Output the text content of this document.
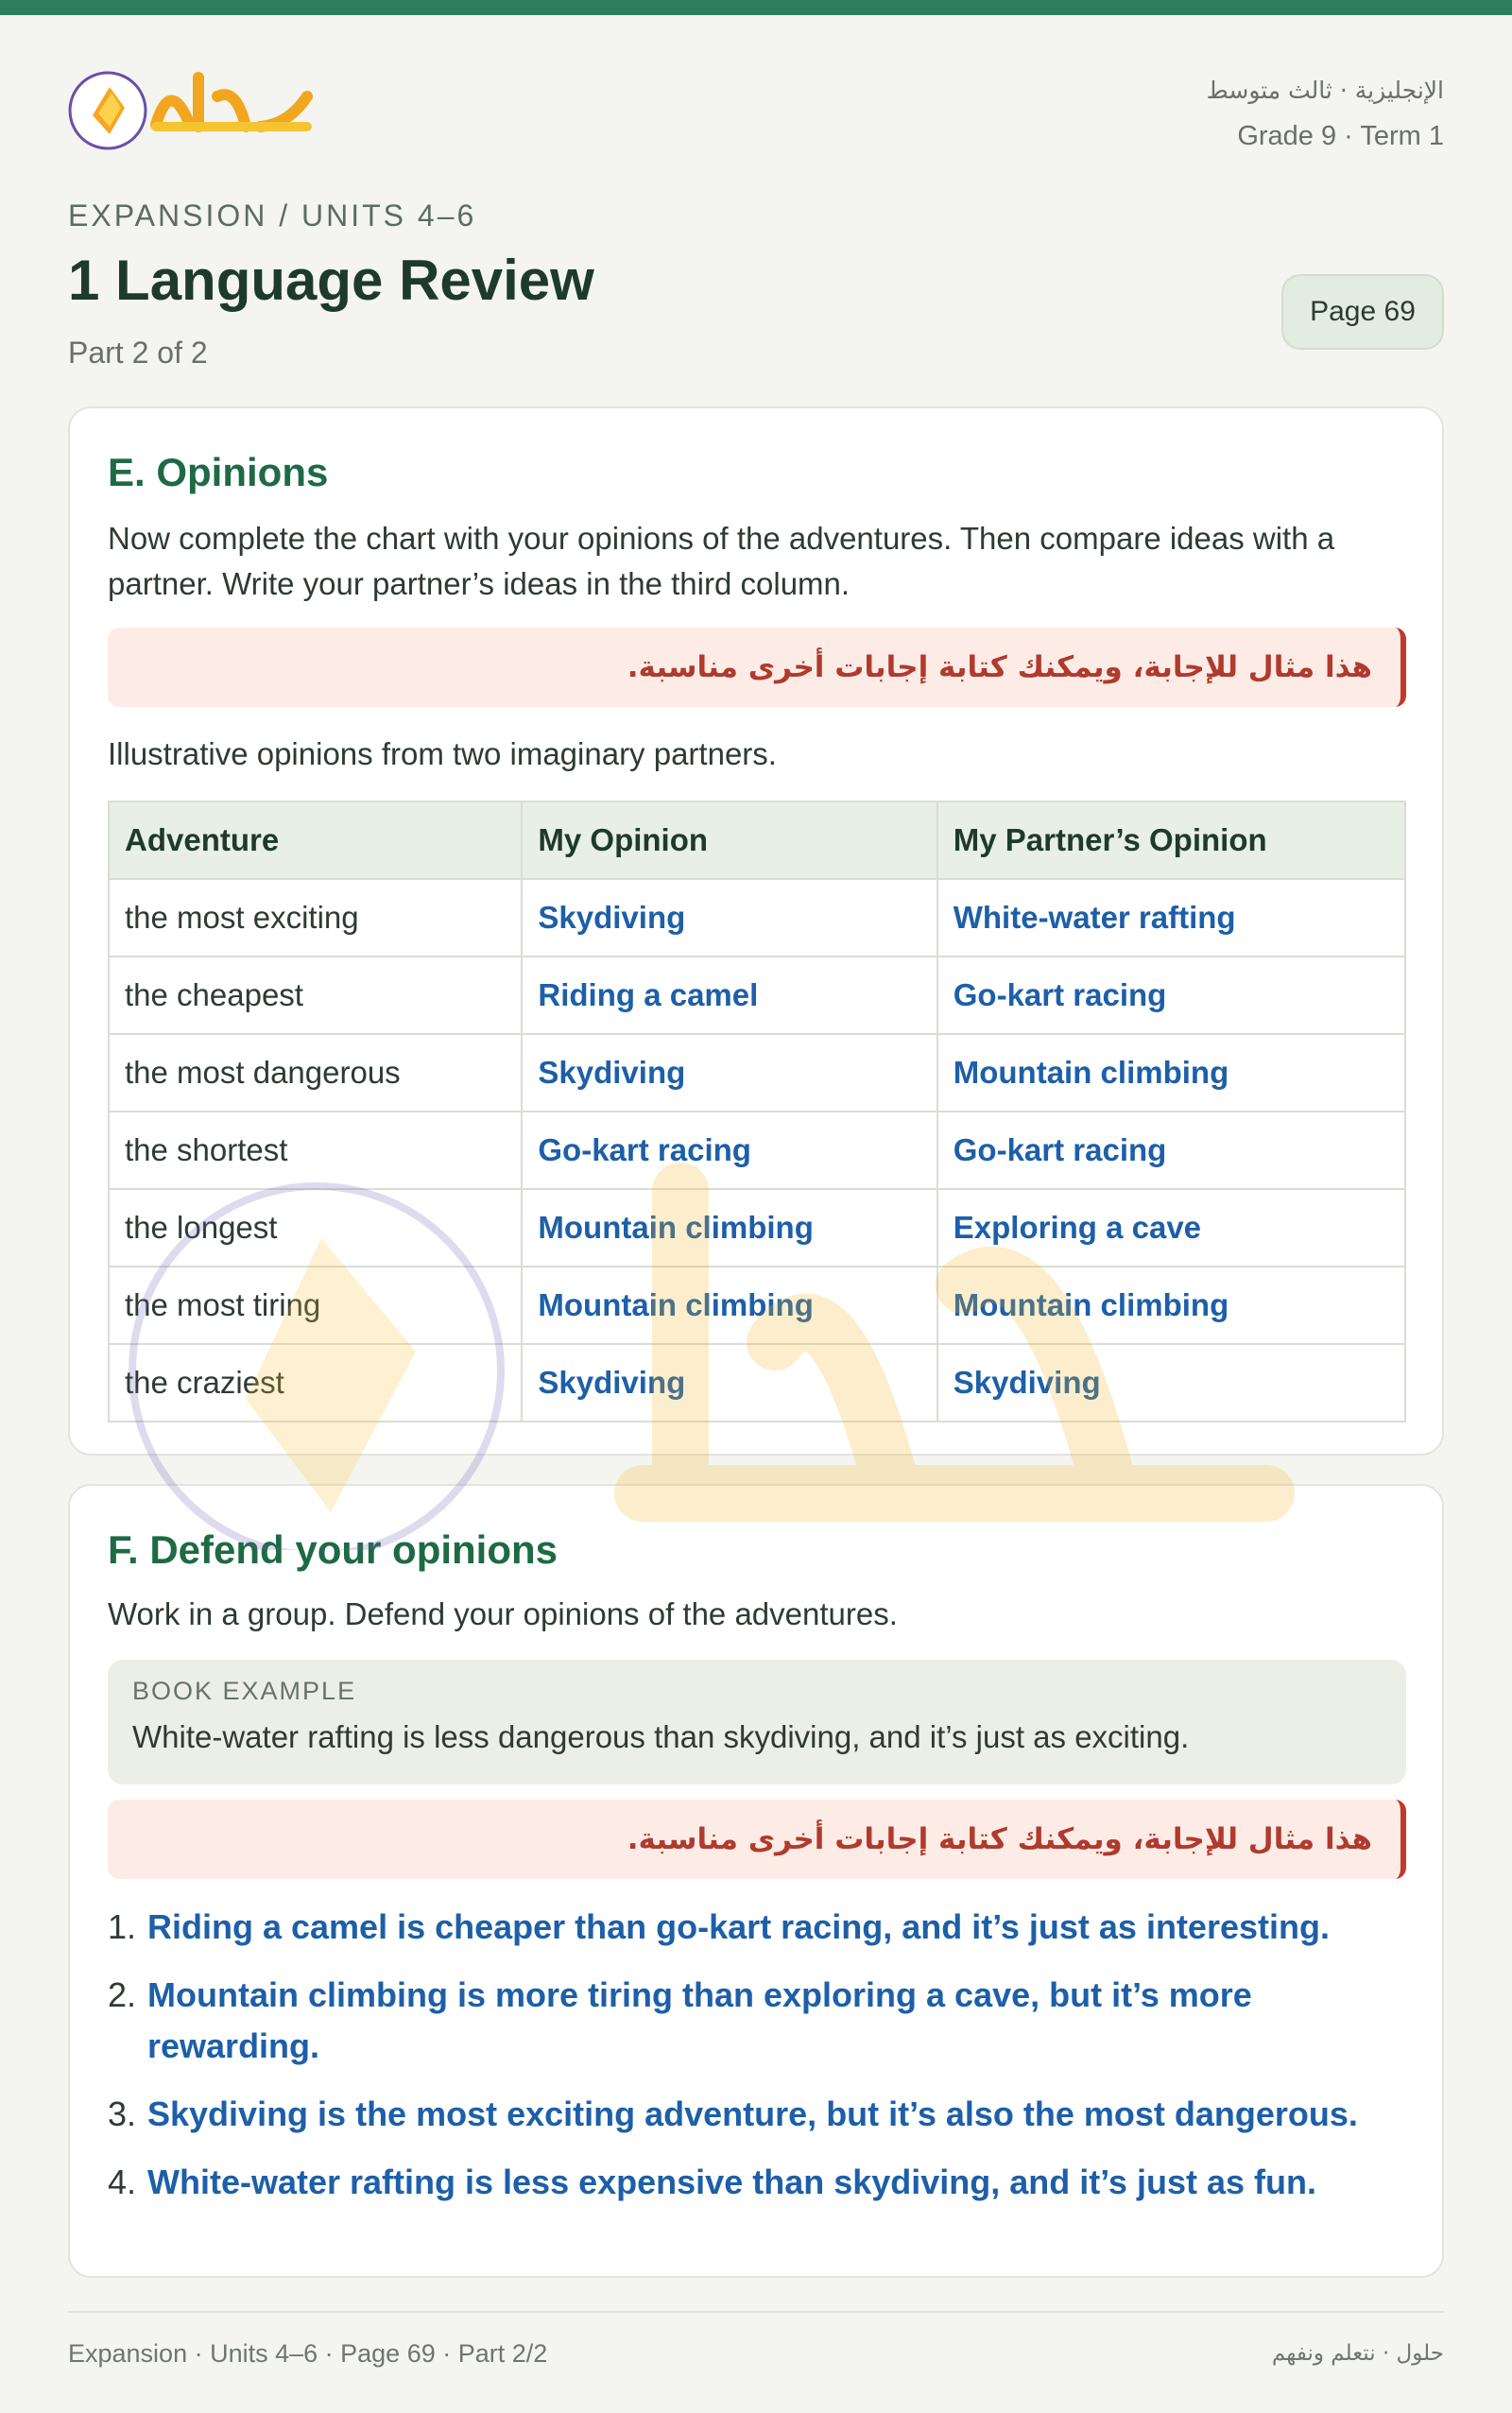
الإنجليزية · ثالث متوسط
Grade 9 · Term 1
EXPANSION / UNITS 4–6
1 Language Review
Part 2 of 2
Page 69
E. Opinions

Now complete the chart with your opinions of the adventures. Then compare ideas with a partner. Write your partner’s ideas in the third column.

هذا مثال للإجابة، ويمكنك كتابة إجابات أخرى مناسبة.

Illustrative opinions from two imaginary partners.

Adventure	My Opinion	My Partner’s Opinion
the most exciting	Skydiving	White-water rafting
the cheapest	Riding a camel	Go-kart racing
the most dangerous	Skydiving	Mountain climbing
the shortest	Go-kart racing	Go-kart racing
the longest	Mountain climbing	Exploring a cave
the most tiring	Mountain climbing	Mountain climbing
the craziest	Skydiving	Skydiving
F. Defend your opinions

Work in a group. Defend your opinions of the adventures.

BOOK EXAMPLE
White-water rafting is less dangerous than skydiving, and it’s just as exciting.
هذا مثال للإجابة، ويمكنك كتابة إجابات أخرى مناسبة.
1. Riding a camel is cheaper than go-kart racing, and it’s just as interesting.
2. Mountain climbing is more tiring than exploring a cave, but it’s more rewarding.
3. Skydiving is the most exciting adventure, but it’s also the most dangerous.
4. White-water rafting is less expensive than skydiving, and it’s just as fun.
Expansion · Units 4–6 · Page 69 · Part 2/2	حلول · نتعلم ونفهم
